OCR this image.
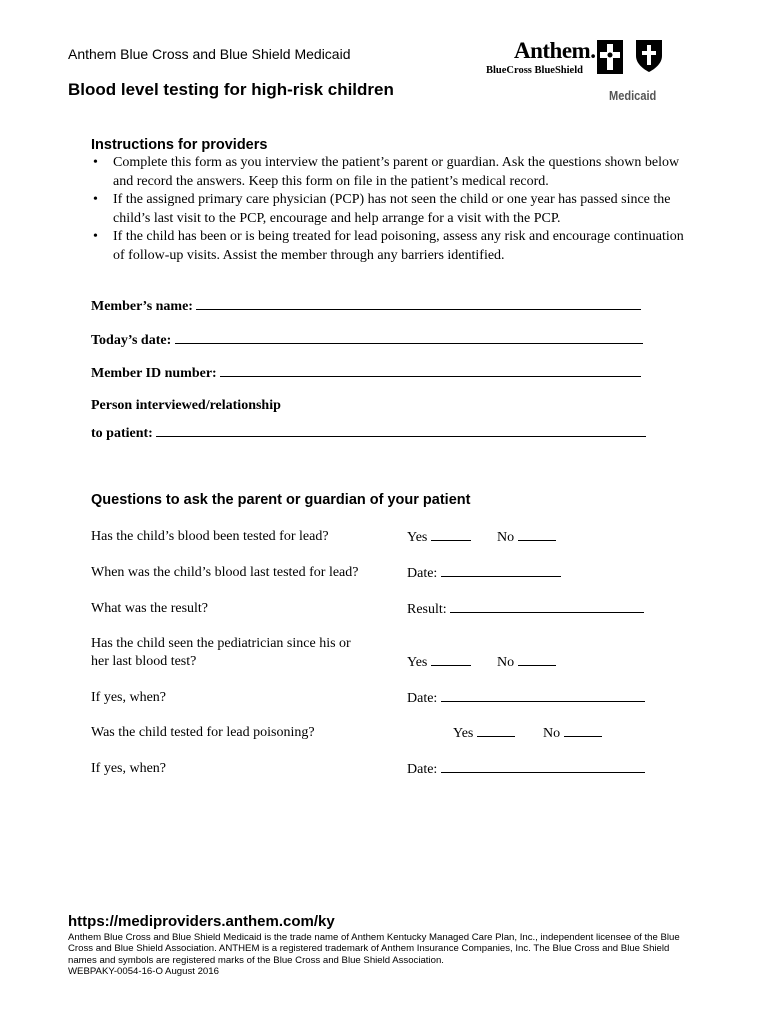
Anthem Blue Cross and Blue Shield Medicaid
Blood level testing for high-risk children
Anthem.
BlueCross BlueShield
Medicaid
Instructions for providers
• Complete this form as you interview the patient’s parent or guardian. Ask the questions shown below and record the answers. Keep this form on file in the patient’s medical record.
• If the assigned primary care physician (PCP) has not seen the child or one year has passed since the child’s last visit to the PCP, encourage and help arrange for a visit with the PCP.
• If the child has been or is being treated for lead poisoning, assess any risk and encourage continuation of follow-up visits. Assist the member through any barriers identified.
Member’s name:
Today’s date:
Member ID number:
Person interviewed/relationship
to patient:
Questions to ask the parent or guardian of your patient
Has the child’s blood been tested for lead?	Yes	No
When was the child’s blood last tested for lead?	Date:
What was the result?	Result:
Has the child seen the pediatrician since his or
her last blood test?	Yes	No
If yes, when?	Date:
Was the child tested for lead poisoning?	Yes	No
If yes, when?	Date:
https://mediproviders.anthem.com/ky

Anthem Blue Cross and Blue Shield Medicaid is the trade name of Anthem Kentucky Managed Care Plan, Inc., independent licensee of the Blue Cross and Blue Shield Association. ANTHEM is a registered trademark of Anthem Insurance Companies, Inc. The Blue Cross and Blue Shield names and symbols are registered marks of the Blue Cross and Blue Shield Association.
WEBPAKY-0054-16-O August 2016
